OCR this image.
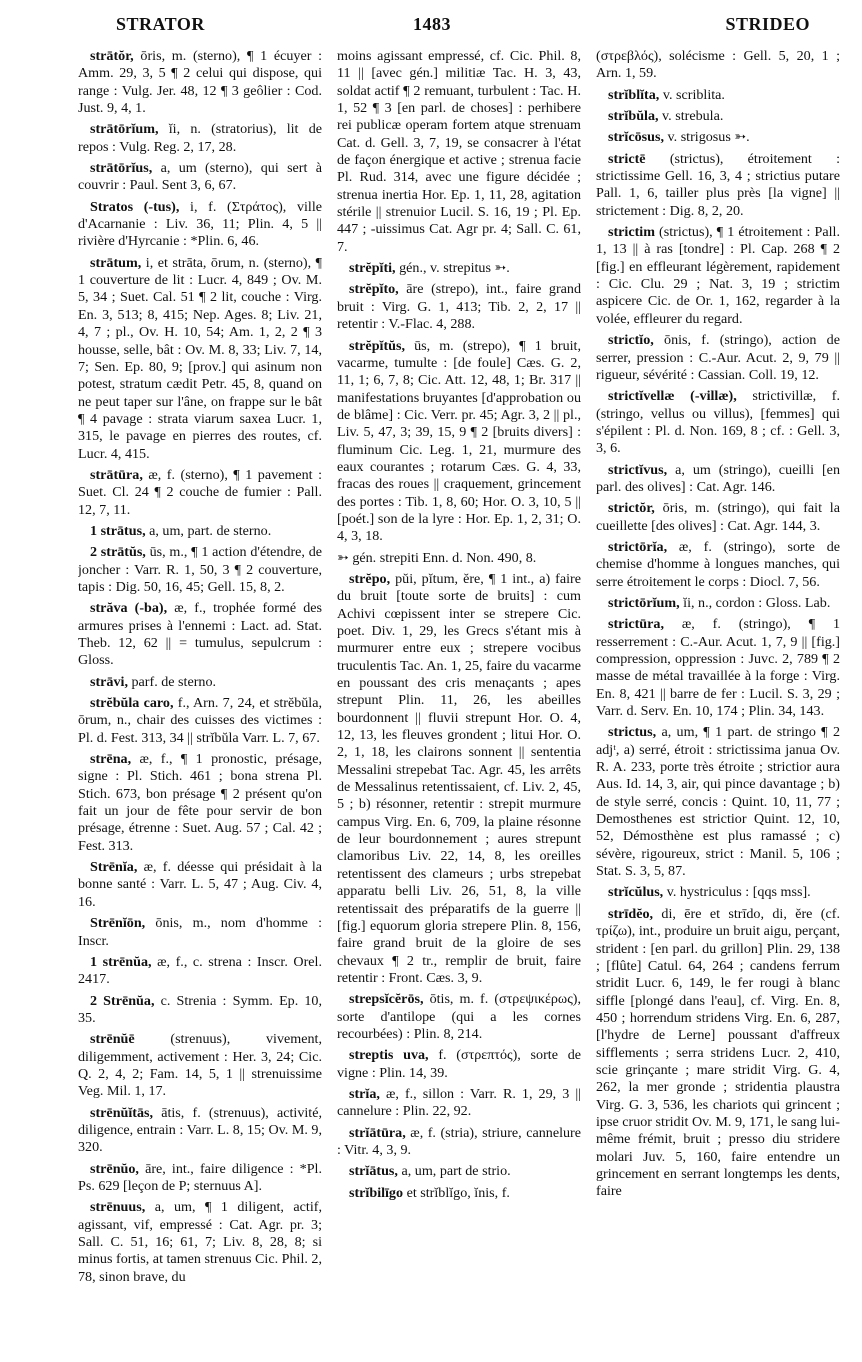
STRATOR	1483	STRIDEO

strātŏr, ōris, m. (sterno), ¶ 1 écuyer : Amm. 29, 3, 5 ¶ 2 celui qui dispose, qui range : Vulg. Jer. 48, 12 ¶ 3 geôlier : Cod. Just. 9, 4, 1.

strātōrĭum, ĭi, n. (stratorius), lit de repos : Vulg. Reg. 2, 17, 28.

strātōrĭus, a, um (sterno), qui sert à couvrir : Paul. Sent 3, 6, 67.

Stratos (-tus), i, f. (Στράτος), ville d'Acarnanie : Liv. 36, 11; Plin. 4, 5 || rivière d'Hyrcanie : *Plin. 6, 46.

strātum, i, et strāta, ōrum, n. (sterno), ¶ 1 couverture de lit : Lucr. 4, 849 ; Ov. M. 5, 34 ; Suet. Cal. 51 ¶ 2 lit, couche : Virg. En. 3, 513; 8, 415; Nep. Ages. 8; Liv. 21, 4, 7 ; pl., Ov. H. 10, 54; Am. 1, 2, 2 ¶ 3 housse, selle, bât : Ov. M. 8, 33; Liv. 7, 14, 7; Sen. Ep. 80, 9; [prov.] qui asinum non potest, stratum cædit Petr. 45, 8, quand on ne peut taper sur l'âne, on frappe sur le bât ¶ 4 pavage : strata viarum saxea Lucr. 1, 315, le pavage en pierres des routes, cf. Lucr. 4, 415.

strātūra, æ, f. (sterno), ¶ 1 pavement : Suet. Cl. 24 ¶ 2 couche de fumier : Pall. 12, 7, 11.

1 strātus, a, um, part. de sterno.

2 strātŭs, ūs, m., ¶ 1 action d'étendre, de joncher : Varr. R. 1, 50, 3 ¶ 2 couverture, tapis : Dig. 50, 16, 45; Gell. 15, 8, 2.

străva (-ba), æ, f., trophée formé des armures prises à l'ennemi : Lact. ad. Stat. Theb. 12, 62 || = tumulus, sepulcrum : Gloss.

strāvi, parf. de sterno.

strĕbŭla caro, f., Arn. 7, 24, et strĕbŭla, ōrum, n., chair des cuisses des victimes : Pl. d. Fest. 313, 34 || strĭbŭla Varr. L. 7, 67.

strēna, æ, f., ¶ 1 pronostic, présage, signe : Pl. Stich. 461 ; bona strena Pl. Stich. 673, bon présage ¶ 2 présent qu'on fait un jour de fête pour servir de bon présage, étrenne : Suet. Aug. 57 ; Cal. 42 ; Fest. 313.

Strēnĭa, æ, f. déesse qui présidait à la bonne santé : Varr. L. 5, 47 ; Aug. Civ. 4, 16.

Strēnĭōn, ōnis, m., nom d'homme : Inscr.

1 strēnŭa, æ, f., c. strena : Inscr. Orel. 2417.

2 Strēnŭa, c. Strenia : Symm. Ep. 10, 35.

strēnŭē	(strenuus), vivement, diligemment, activement : Her. 3, 24; Cic. Q. 2, 4, 2; Fam. 14, 5, 1 || strenuissime Veg. Mil. 1, 17.

strēnŭĭtās, ātis, f. (strenuus), activité, diligence, entrain : Varr. L. 8, 15; Ov. M. 9, 320.

strēnŭo, āre, int., faire diligence : *Pl. Ps. 629 [leçon de P; sternuus A].

strēnuus, a, um, ¶ 1 diligent, actif, agissant, vif, empressé : Cat. Agr. pr. 3; Sall. C. 51, 16; 61, 7; Liv. 8, 28, 8; si minus fortis, at tamen strenuus Cic. Phil. 2, 78, sinon brave, du

moins agissant empressé, cf. Cic. Phil. 8, 11 || [avec gén.] militiæ Tac. H. 3, 43, soldat actif ¶ 2 remuant, turbulent : Tac. H. 1, 52 ¶ 3 [en parl. de choses] : perhibere rei publicæ operam fortem atque strenuam Cat. d. Gell. 3, 7, 19, se consacrer à l'état de façon énergique et active ; strenua facie Pl. Rud. 314, avec une figure décidée ; strenua inertia Hor. Ep. 1, 11, 28, agitation stérile || strenuior Lucil. S. 16, 19 ; Pl. Ep. 447 ; -uissimus Cat. Agr pr. 4; Sall. C. 61, 7.

strĕpĭti, gén., v. strepitus ➳.

strĕpĭto, āre (strepo), int., faire grand bruit : Virg. G. 1, 413; Tib. 2, 2, 17 || retentir : V.-Flac. 4, 288.

strĕpĭtŭs, ūs, m. (strepo), ¶ 1 bruit, vacarme, tumulte : [de foule] Cæs. G. 2, 11, 1; 6, 7, 8; Cic. Att. 12, 48, 1; Br. 317 || manifestations bruyantes [d'approbation ou de blâme] : Cic. Verr. pr. 45; Agr. 3, 2 || pl., Liv. 5, 47, 3; 39, 15, 9 ¶ 2 [bruits divers] : fluminum Cic. Leg. 1, 21, murmure des eaux courantes ; rotarum Cæs. G. 4, 33, fracas des roues || craquement, grincement des portes : Tib. 1, 8, 60; Hor. O. 3, 10, 5 || [poét.] son de la lyre : Hor. Ep. 1, 2, 31; O. 4, 3, 18.

➳ gén. strepiti Enn. d. Non. 490, 8.

strĕpo, pŭi, pĭtum, ĕre, ¶ 1 int., a) faire du bruit [toute sorte de bruits] : cum Achivi cœpissent inter se strepere Cic. poet. Div. 1, 29, les Grecs s'étant mis à murmurer entre eux ; strepere vocibus truculentis Tac. An. 1, 25, faire du vacarme en poussant des cris menaçants ; apes strepunt Plin. 11, 26, les abeilles bourdonnent || fluvii strepunt Hor. O. 4, 12, 13, les fleuves grondent ; litui Hor. O. 2, 1, 18, les clairons sonnent || sententia Messalini strepebat Tac. Agr. 45, les arrêts de Messalinus retentissaient, cf. Liv. 2, 45, 5 ; b) résonner, retentir : strepit murmure campus Virg. En. 6, 709, la plaine résonne de leur bourdonnement ; aures strepunt clamoribus Liv. 22, 14, 8, les oreilles retentissent des clameurs ; urbs strepebat apparatu belli Liv. 26, 51, 8, la ville retentissait des préparatifs de la guerre || [fig.] equorum gloria strepere Plin. 8, 156, faire grand bruit de la gloire de ses chevaux ¶ 2 tr., remplir de bruit, faire retentir : Front. Cæs. 3, 9.

strepsĭcĕrōs, ōtis, m. f. (στρεψικέρως), sorte d'antilope (qui a les cornes recourbées) : Plin. 8, 214.

streptis uva, f. (στρεπτός), sorte de vigne : Plin. 14, 39.

strĭa, æ, f., sillon : Varr. R. 1, 29, 3 || cannelure : Plin. 22, 92.

strĭātūra, æ, f. (stria), striure, cannelure : Vitr. 4, 3, 9.

strĭātus, a, um, part de strio.

strĭbilīgo et strĭblĭgo, ĭnis, f.

(στρεβλός), solécisme : Gell. 5, 20, 1 ; Arn. 1, 59.

strĭblĭta, v. scriblita.

strĭbŭla, v. strebula.

strĭcōsus, v. strigosus ➳.

strictē (strictus), étroitement : strictissime Gell. 16, 3, 4 ; strictius putare Pall. 1, 6, tailler plus près [la vigne] || strictement : Dig. 8, 2, 20.

strictim (strictus), ¶ 1 étroitement : Pall. 1, 13 || à ras [tondre] : Pl. Cap. 268 ¶ 2 [fig.] en effleurant légèrement, rapidement : Cic. Clu. 29 ; Nat. 3, 19 ; strictim aspicere Cic. de Or. 1, 162, regarder à la volée, effleurer du regard.

strictĭo, ōnis, f. (stringo), action de serrer, pression : C.-Aur. Acut. 2, 9, 79 || rigueur, sévérité : Cassian. Coll. 19, 12.

strictĭvellæ (-villæ), strictivillæ, f. (stringo, vellus ou villus), [femmes] qui s'épilent : Pl. d. Non. 169, 8 ; cf. : Gell. 3, 3, 6.

strictĭvus, a, um (stringo), cueilli [en parl. des olives] : Cat. Agr. 146.

strictŏr, ōris, m. (stringo), qui fait la cueillette [des olives] : Cat. Agr. 144, 3.

strictōrĭa, æ, f. (stringo), sorte de chemise d'homme à longues manches, qui serre étroitement le corps : Diocl. 7, 56.

strictōrĭum, ĭi, n., cordon : Gloss. Lab.

strictūra, æ, f. (stringo), ¶ 1 resserrement : C.-Aur. Acut. 1, 7, 9 || [fig.] compression, oppression : Juvc. 2, 789 ¶ 2 masse de métal travaillée à la forge : Virg. En. 8, 421 || barre de fer : Lucil. S. 3, 29 ; Varr. d. Serv. En. 10, 174 ; Plin. 34, 143.

strictus, a, um, ¶ 1 part. de stringo ¶ 2 adjᵗ, a) serré, étroit : strictissima janua Ov. R. A. 233, porte très étroite ; strictior aura Aus. Id. 14, 3, air, qui pince davantage ; b) de style serré, concis : Quint. 10, 11, 77 ; Demosthenes est strictior Quint. 12, 10, 52, Démosthène est plus ramassé ; c) sévère, rigoureux, strict : Manil. 5, 106 ; Stat. S. 3, 5, 87.

strĭcŭlus, v. hystriculus : [qqs mss].

strīdĕo, di, ēre et strīdo, di, ĕre (cf. τρίζω), int., produire un bruit aigu, perçant, strident : [en parl. du grillon] Plin. 29, 138 ; [flûte] Catul. 64, 264 ; candens ferrum stridit Lucr. 6, 149, le fer rougi à blanc siffle [plongé dans l'eau], cf. Virg. En. 8, 450 ; horrendum stridens Virg. En. 6, 287, [l'hydre de Lerne] poussant d'affreux sifflements ; serra stridens Lucr. 2, 410, scie grinçante ; mare stridit Virg. G. 4, 262, la mer gronde ; stridentia plaustra Virg. G. 3, 536, les chariots qui grincent ; ipse cruor stridit Ov. M. 9, 171, le sang lui-même frémit, bruit ; presso diu stridere molari Juv. 5, 160, faire entendre un grincement en serrant longtemps les dents, faire
